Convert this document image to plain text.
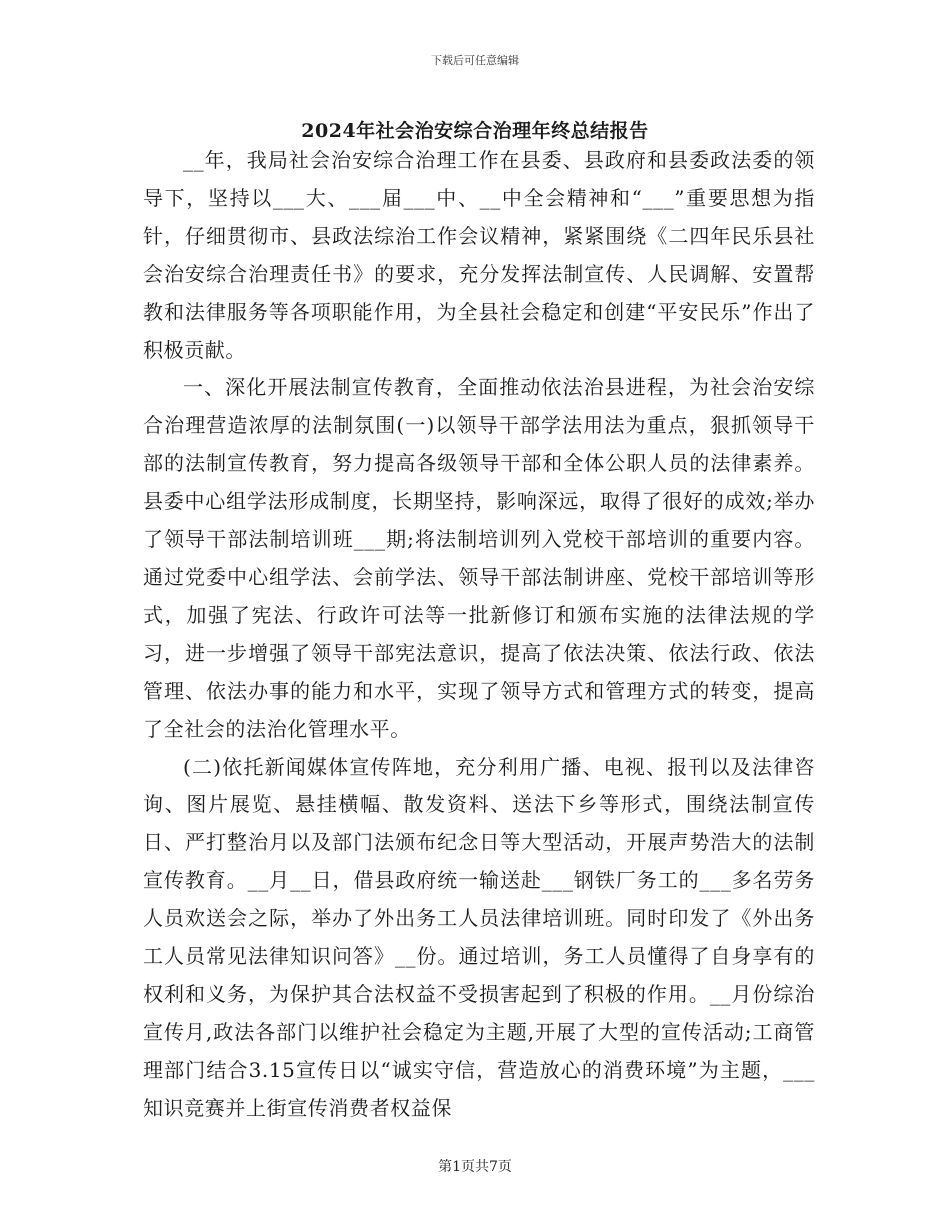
下载后可任意编辑
2024年社会治安综合治理年终总结报告

__年，我局社会治安综合治理工作在县委、县政府和县委政法委的领导下，坚持以___大、___届___中、__中全会精神和“___”重要思想为指针，仔细贯彻市、县政法综治工作会议精神，紧紧围绕《二四年民乐县社会治安综合治理责任书》的要求，充分发挥法制宣传、人民调解、安置帮教和法律服务等各项职能作用，为全县社会稳定和创建“平安民乐”作出了积极贡献。

一、深化开展法制宣传教育，全面推动依法治县进程，为社会治安综合治理营造浓厚的法制氛围(一)以领导干部学法用法为重点，狠抓领导干部的法制宣传教育，努力提高各级领导干部和全体公职人员的法律素养。县委中心组学法形成制度，长期坚持，影响深远，取得了很好的成效;举办了领导干部法制培训班___期;将法制培训列入党校干部培训的重要内容。通过党委中心组学法、会前学法、领导干部法制讲座、党校干部培训等形式，加强了宪法、行政许可法等一批新修订和颁布实施的法律法规的学习，进一步增强了领导干部宪法意识，提高了依法决策、依法行政、依法管理、依法办事的能力和水平，实现了领导方式和管理方式的转变，提高了全社会的法治化管理水平。

(二)依托新闻媒体宣传阵地，充分利用广播、电视、报刊以及法律咨询、图片展览、悬挂横幅、散发资料、送法下乡等形式，围绕法制宣传日、严打整治月以及部门法颁布纪念日等大型活动，开展声势浩大的法制宣传教育。__月__日，借县政府统一输送赴___钢铁厂务工的___多名劳务人员欢送会之际，举办了外出务工人员法律培训班。同时印发了《外出务工人员常见法律知识问答》__份。通过培训，务工人员懂得了自身享有的权利和义务，为保护其合法权益不受损害起到了积极的作用。__月份综治宣传月,政法各部门以维护社会稳定为主题,开展了大型的宣传活动;工商管理部门结合3.15宣传日以“诚实守信，营造放心的消费环境”为主题，___知识竞赛并上街宣传消费者权益保

第1页共7页
